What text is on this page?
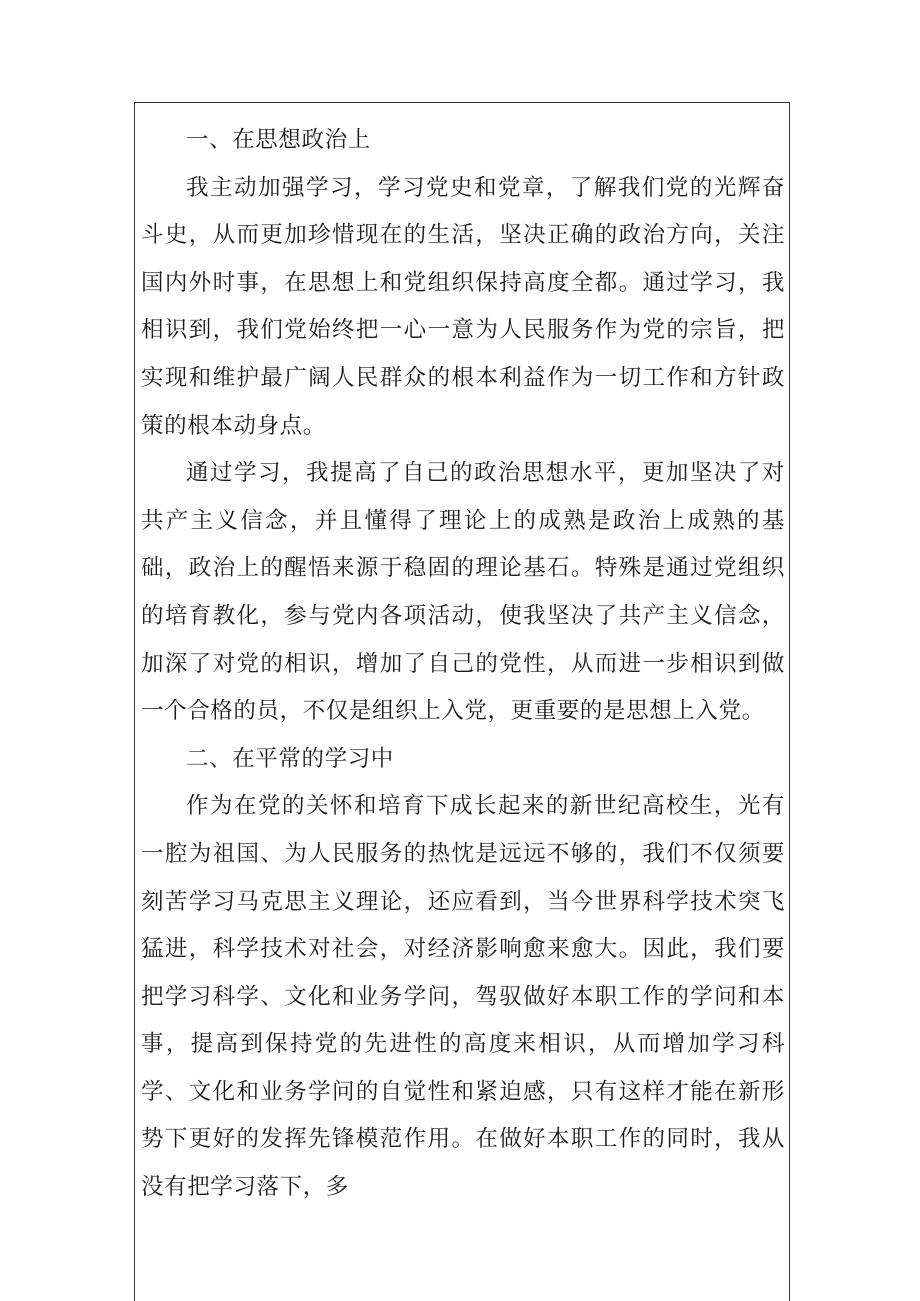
一、在思想政治上

我主动加强学习，学习党史和党章，了解我们党的光辉奋斗史，从而更加珍惜现在的生活，坚决正确的政治方向，关注国内外时事，在思想上和党组织保持高度全都。通过学习，我相识到，我们党始终把一心一意为人民服务作为党的宗旨，把实现和维护最广阔人民群众的根本利益作为一切工作和方针政策的根本动身点。

通过学习，我提高了自己的政治思想水平，更加坚决了对共产主义信念，并且懂得了理论上的成熟是政治上成熟的基础，政治上的醒悟来源于稳固的理论基石。特殊是通过党组织的培育教化，参与党内各项活动，使我坚决了共产主义信念，加深了对党的相识，增加了自己的党性，从而进一步相识到做一个合格的员，不仅是组织上入党，更重要的是思想上入党。

二、在平常的学习中

作为在党的关怀和培育下成长起来的新世纪高校生，光有一腔为祖国、为人民服务的热忱是远远不够的，我们不仅须要刻苦学习马克思主义理论，还应看到，当今世界科学技术突飞猛进，科学技术对社会，对经济影响愈来愈大。因此，我们要把学习科学、文化和业务学问，驾驭做好本职工作的学问和本事，提高到保持党的先进性的高度来相识，从而增加学习科学、文化和业务学问的自觉性和紧迫感，只有这样才能在新形势下更好的发挥先锋模范作用。在做好本职工作的同时，我从没有把学习落下，多
